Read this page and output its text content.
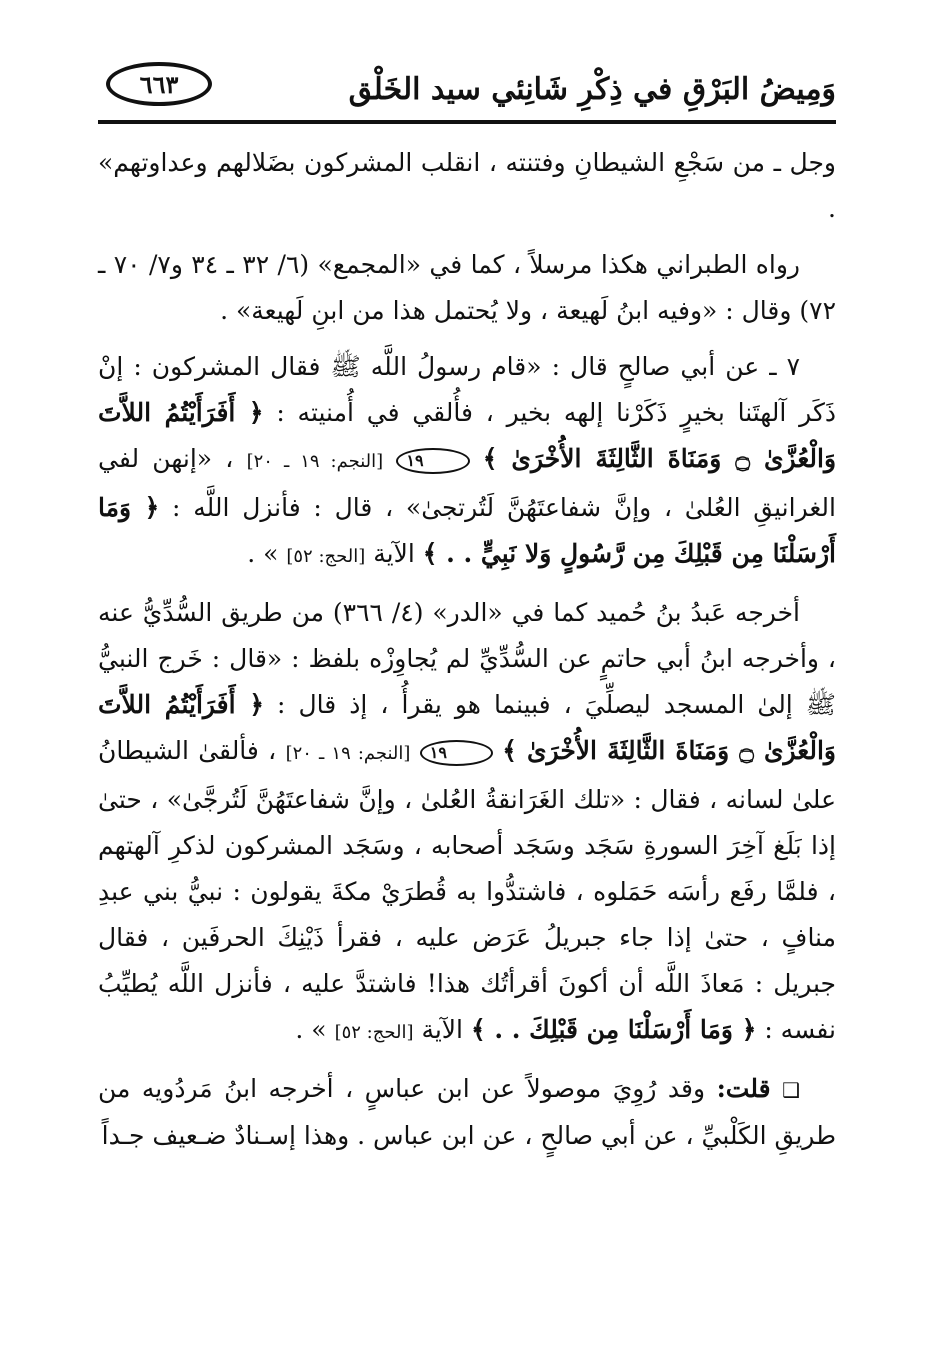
وَمِيضُ البَرْقِ في ذِكْرِ شَانِئي سيد الخَلْق
٦٦٣

وجل ـ من سَجْعِ الشيطانِ وفتنته ، انقلب المشركون بضَلالهم وعداوتهم» .

رواه الطبراني هكذا مرسلاً ، كما في «المجمع» (٦/ ٣٢ ـ ٣٤ و٧/ ٧٠ ـ ٧٢) وقال : «وفيه ابنُ لَهيعة ، ولا يُحتمل هذا من ابنِ لَهيعة» .

٧ ـ عن أبي صالحٍ قال : «قام رسولُ اللَّه ﷺ فقال المشركون : إنْ ذَكَر آلهتَنا بخيرٍ ذَكَرْنا إلهه بخير ، فأُلقي في أُمنيته : ﴿ أَفَرَأَيْتُمُ اللاَّتَ وَالْعُزَّىٰ ۝ وَمَنَاةَ الثَّالِثَةَ الأُخْرَىٰ ﴾ ١٩ [النجم: ١٩ ـ ٢٠] ، «إنهن لفي الغرانيقِ العُلىٰ ، وإنَّ شفاعتَهُنَّ لَتُرتجىٰ» ، قال : فأنزل اللَّه : ﴿ وَمَا أَرْسَلْنَا مِن قَبْلِكَ مِن رَّسُولٍ وَلا نَبِيٍّ . . ﴾ الآية [الحج: ٥٢] » .

أخرجه عَبدُ بنُ حُميد كما في «الدر» (٤/ ٣٦٦) من طريق السُّدِّيُّ عنه ، وأخرجه ابنُ أبي حاتمٍ عن السُّدِّيِّ لم يُجاوِزْه بلفظ : «قال : خَرج النبيُّ ﷺ إلىٰ المسجد ليصلِّيَ ، فبينما هو يقرأُ ، إذ قال : ﴿ أَفَرَأَيْتُمُ اللاَّتَ وَالْعُزَّىٰ ۝ وَمَنَاةَ الثَّالِثَةَ الأُخْرَىٰ ﴾ ١٩ [النجم: ١٩ ـ ٢٠] ، فألقىٰ الشيطانُ علىٰ لسانه ، فقال : «تلك الغَرَانقةُ العُلىٰ ، وإنَّ شفاعتَهُنَّ لَتُرجَّىٰ» ، حتىٰ إذا بَلَغ آخِرَ السورةِ سَجَد وسَجَد أصحابه ، وسَجَد المشركون لذكرِ آلهتهم ، فلمَّا رفَع رأسَه حَمَلوه ، فاشتدُّوا به قُطرَيْ مكةَ يقولون : نبيُّ بني عبدِ منافٍ ، حتىٰ إذا جاء جبريلُ عَرَض عليه ، فقرأ ذَيْنِكَ الحرفَين ، فقال جبريل : مَعاذَ اللَّه أن أكونَ أقرأتُك هذا! فاشتدَّ عليه ، فأنزل اللَّه يُطيِّبُ نفسه : ﴿ وَمَا أَرْسَلْنَا مِن قَبْلِكَ . . ﴾ الآية [الحج: ٥٢] » .

❑ قلت: وقد رُوِيَ موصولاً عن ابن عباسٍ ، أخرجه ابنُ مَردُويه من طريقِ الكَلْبيِّ ، عن أبي صالحٍ ، عن ابن عباس . وهذا إسـنادٌ ضـعيف جـداً
